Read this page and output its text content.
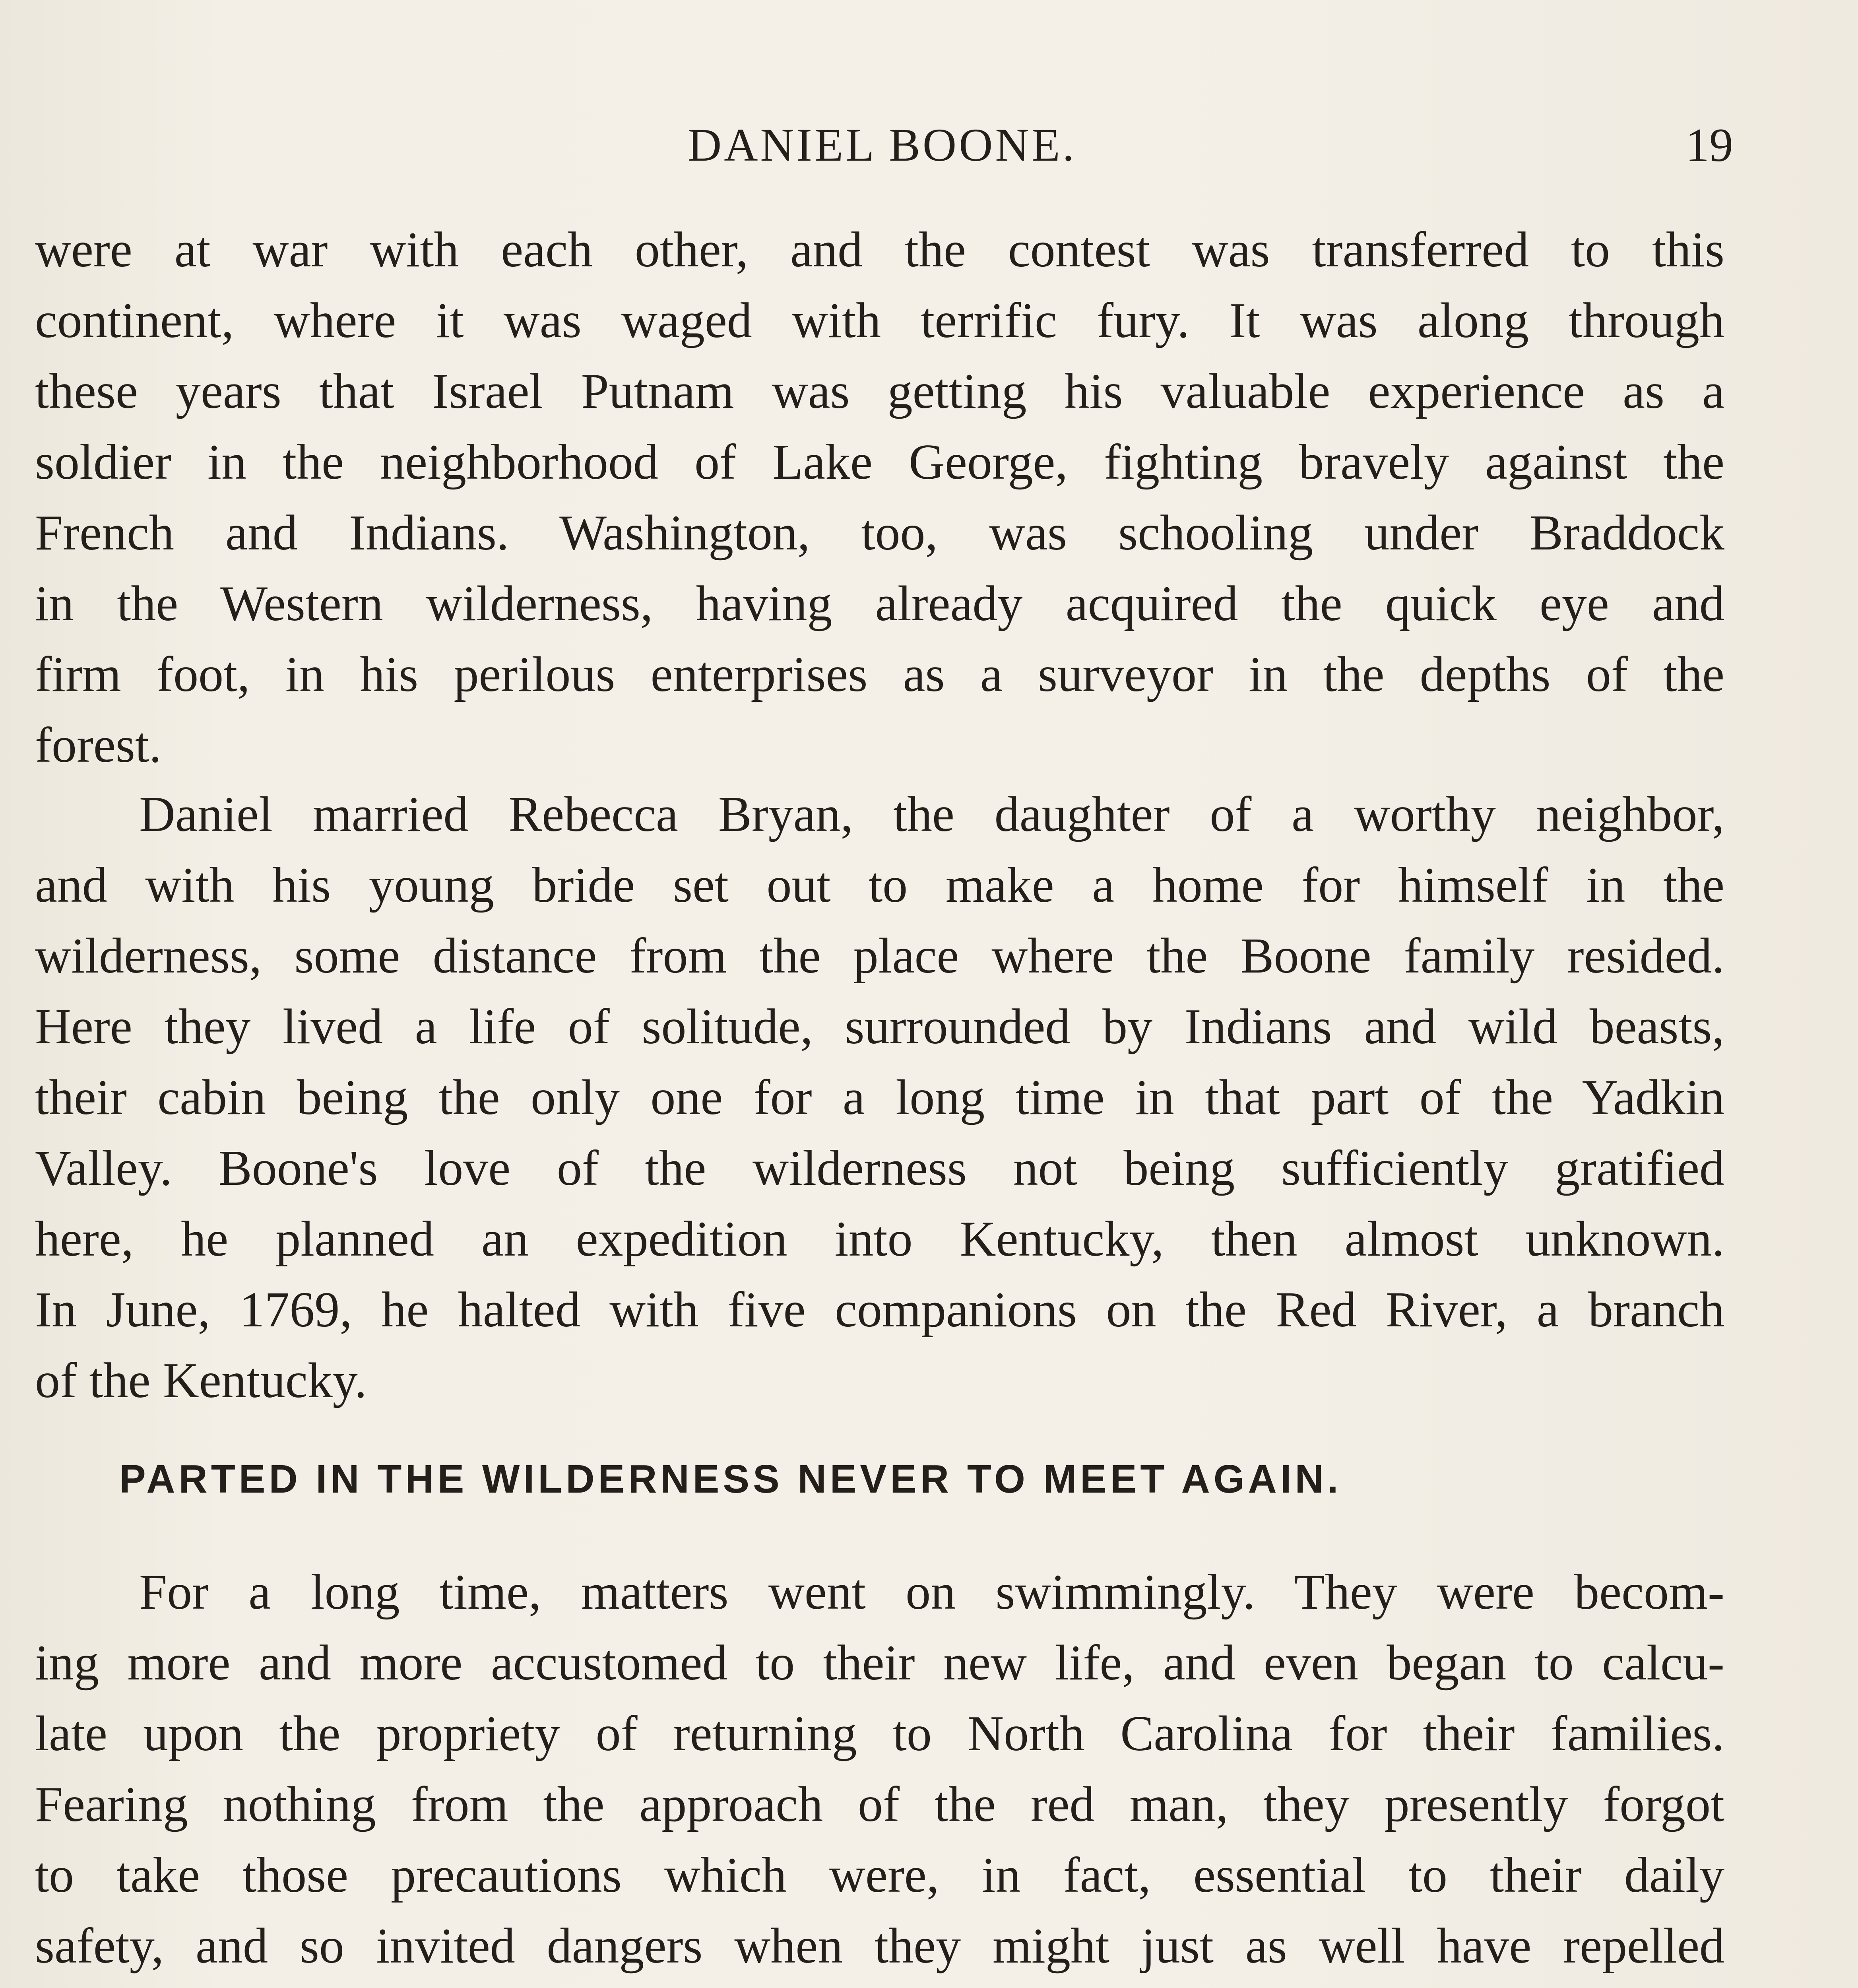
DANIEL BOONE.	19
were at war with each other, and the contest was transferred to this
continent, where it was waged with terrific fury. It was along through
these years that Israel Putnam was getting his valuable experience as a
soldier in the neighborhood of Lake George, fighting bravely against the
French and Indians. Washington, too, was schooling under Braddock
in the Western wilderness, having already acquired the quick eye and
firm foot, in his perilous enterprises as a surveyor in the depths of the
forest.
Daniel married Rebecca Bryan, the daughter of a worthy neighbor,
and with his young bride set out to make a home for himself in the
wilderness, some distance from the place where the Boone family resided.
Here they lived a life of solitude, surrounded by Indians and wild beasts,
their cabin being the only one for a long time in that part of the Yadkin
Valley. Boone's love of the wilderness not being sufficiently gratified
here, he planned an expedition into Kentucky, then almost unknown.
In June, 1769, he halted with five companions on the Red River, a branch
of the Kentucky.
PARTED IN THE WILDERNESS NEVER TO MEET AGAIN.
For a long time, matters went on swimmingly. They were becom-
ing more and more accustomed to their new life, and even began to calcu-
late upon the propriety of returning to North Carolina for their families.
Fearing nothing from the approach of the red man, they presently forgot
to take those precautions which were, in fact, essential to their daily
safety, and so invited dangers when they might just as well have repelled
